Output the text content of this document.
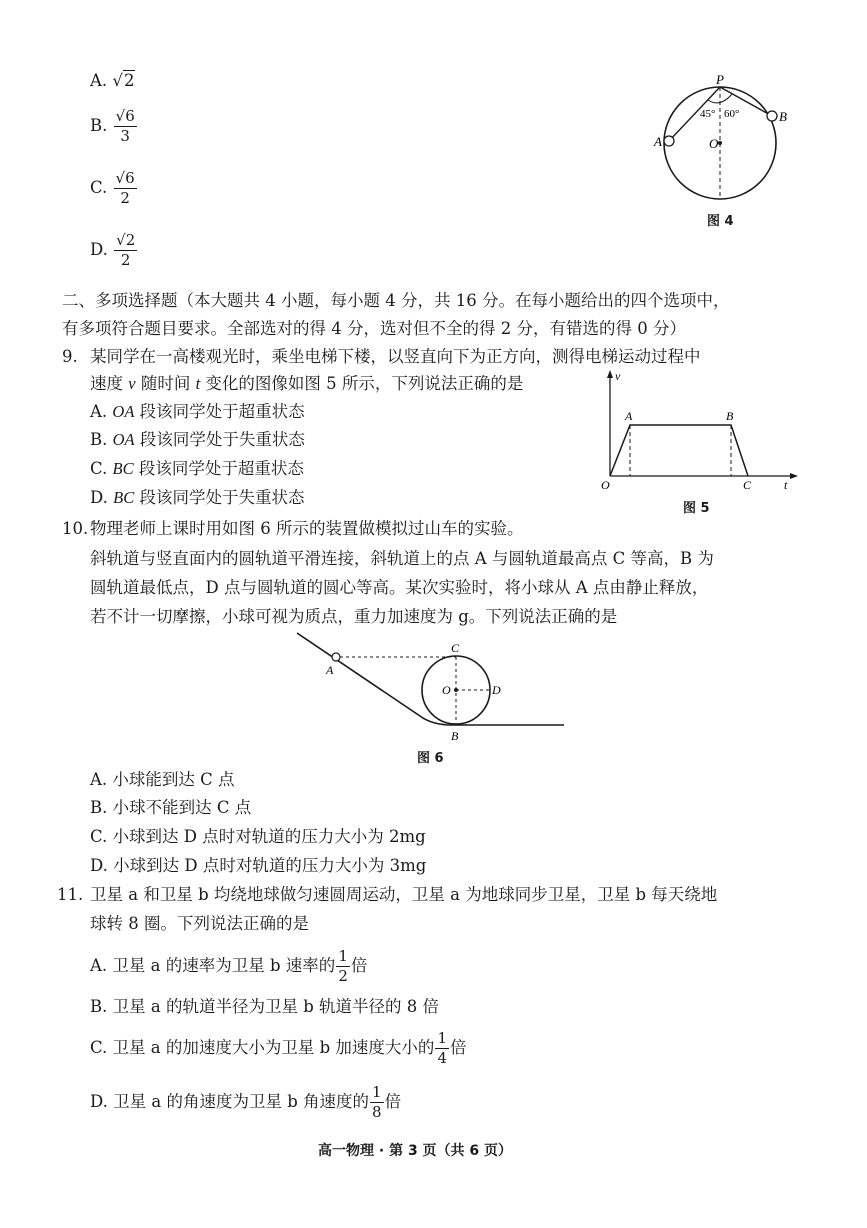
A. √2
B. $\frac{√6}{3}$
C. $\frac{√6}{2}$
D. $\frac{√2}{2}$
P
A
B
O
45° 60°
图 4
二、多项选择题（本大题共 4 小题，每小题 4 分，共 16 分。在每小题给出的四个选项中，
有多项符合题目要求。全部选对的得 4 分，选对但不全的得 2 分，有错选的得 0 分）
9. 某同学在一高楼观光时，乘坐电梯下楼，以竖直向下为正方向，测得电梯运动过程中
速度 v 随时间 t 变化的图像如图 5 所示，下列说法正确的是
A. OA 段该同学处于超重状态
B. OA 段该同学处于失重状态
C. BC 段该同学处于超重状态
D. BC 段该同学处于失重状态
v
t
O
A	B
C
图 5
10. 物理老师上课时用如图 6 所示的装置做模拟过山车的实验。
斜轨道与竖直面内的圆轨道平滑连接，斜轨道上的点 A 与圆轨道最高点 C 等高，B 为
圆轨道最低点，D 点与圆轨道的圆心等高。某次实验时，将小球从 A 点由静止释放，
若不计一切摩擦，小球可视为质点，重力加速度为 g。下列说法正确的是
A
C
D
O
B
图 6
A. 小球能到达 C 点
B. 小球不能到达 C 点
C. 小球到达 D 点时对轨道的压力大小为 2mg
D. 小球到达 D 点时对轨道的压力大小为 3mg
11. 卫星 a 和卫星 b 均绕地球做匀速圆周运动，卫星 a 为地球同步卫星，卫星 b 每天绕地
球转 8 圈。下列说法正确的是
A. 卫星 a 的速率为卫星 b 速率的 $\frac{1}{2}$ 倍
B. 卫星 a 的轨道半径为卫星 b 轨道半径的 8 倍
C. 卫星 a 的加速度大小为卫星 b 加速度大小的 $\frac{1}{4}$ 倍
D. 卫星 a 的角速度为卫星 b 角速度的 $\frac{1}{8}$ 倍
高一物理 · 第 3 页（共 6 页）
